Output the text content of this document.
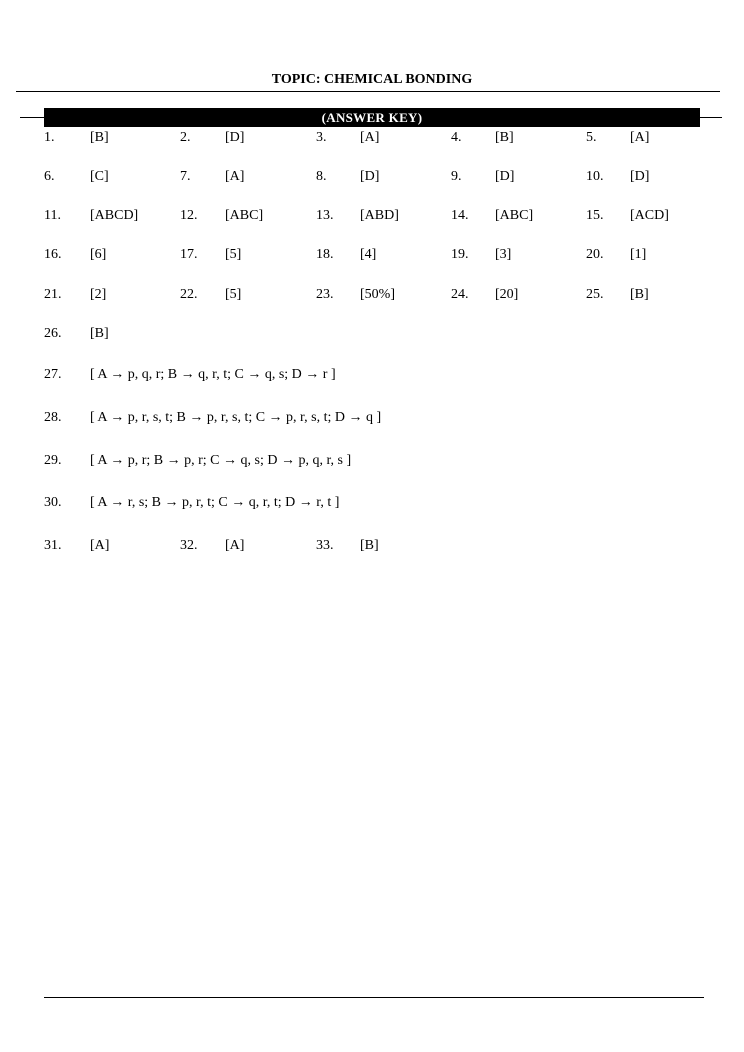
TOPIC: CHEMICAL BONDING
(ANSWER KEY)
1.	[B]	2. [D]	3. [A]	4. [B]	5. [A]
6.	[C]	7. [A]	8. [D]	9. [D]	10. [D]
11. [ABCD]	12. [ABC]	13. [ABD]	14. [ABC]	15. [ACD]
16. [6]	17. [5]	18. [4]	19. [3]	20. [1]
21. [2]	22. [5]	23. [50%]	24. [20]	25. [B]
26. [B]
27. [ A → p, q, r; B → q, r, t; C → q, s; D → r ]
28. [ A → p, r, s, t; B → p, r, s, t; C → p, r, s, t; D → q ]
29. [ A → p, r; B → p, r; C → q, s; D → p, q, r, s ]
30. [ A → r, s; B → p, r, t; C → q, r, t; D → r, t ]
31. [A]	32. [A]	33. [B]
